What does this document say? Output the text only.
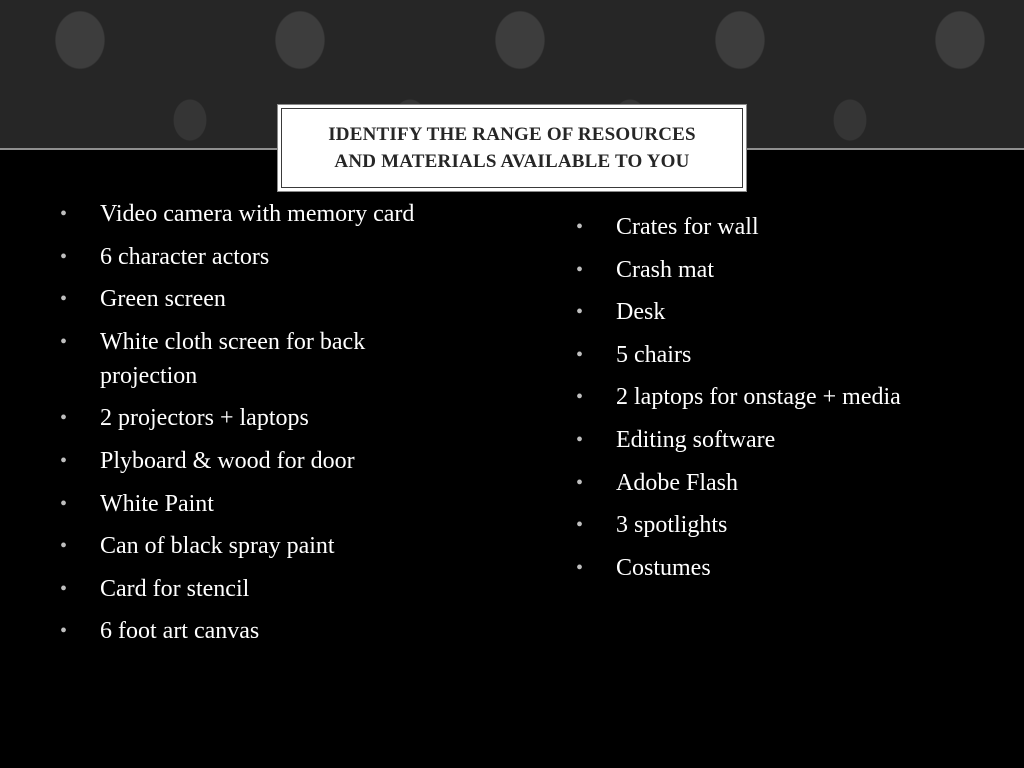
IDENTIFY THE RANGE OF RESOURCES AND MATERIALS AVAILABLE TO YOU
• Video camera with memory card
• 6 character actors
• Green screen
• White cloth screen for back projection
• 2 projectors + laptops
• Plyboard & wood for door
• White Paint
• Can of black spray paint
• Card for stencil
• 6 foot art canvas
• Crates for wall
• Crash mat
• Desk
• 5 chairs
• 2 laptops for onstage + media
• Editing software
• Adobe Flash
• 3 spotlights
• Costumes
